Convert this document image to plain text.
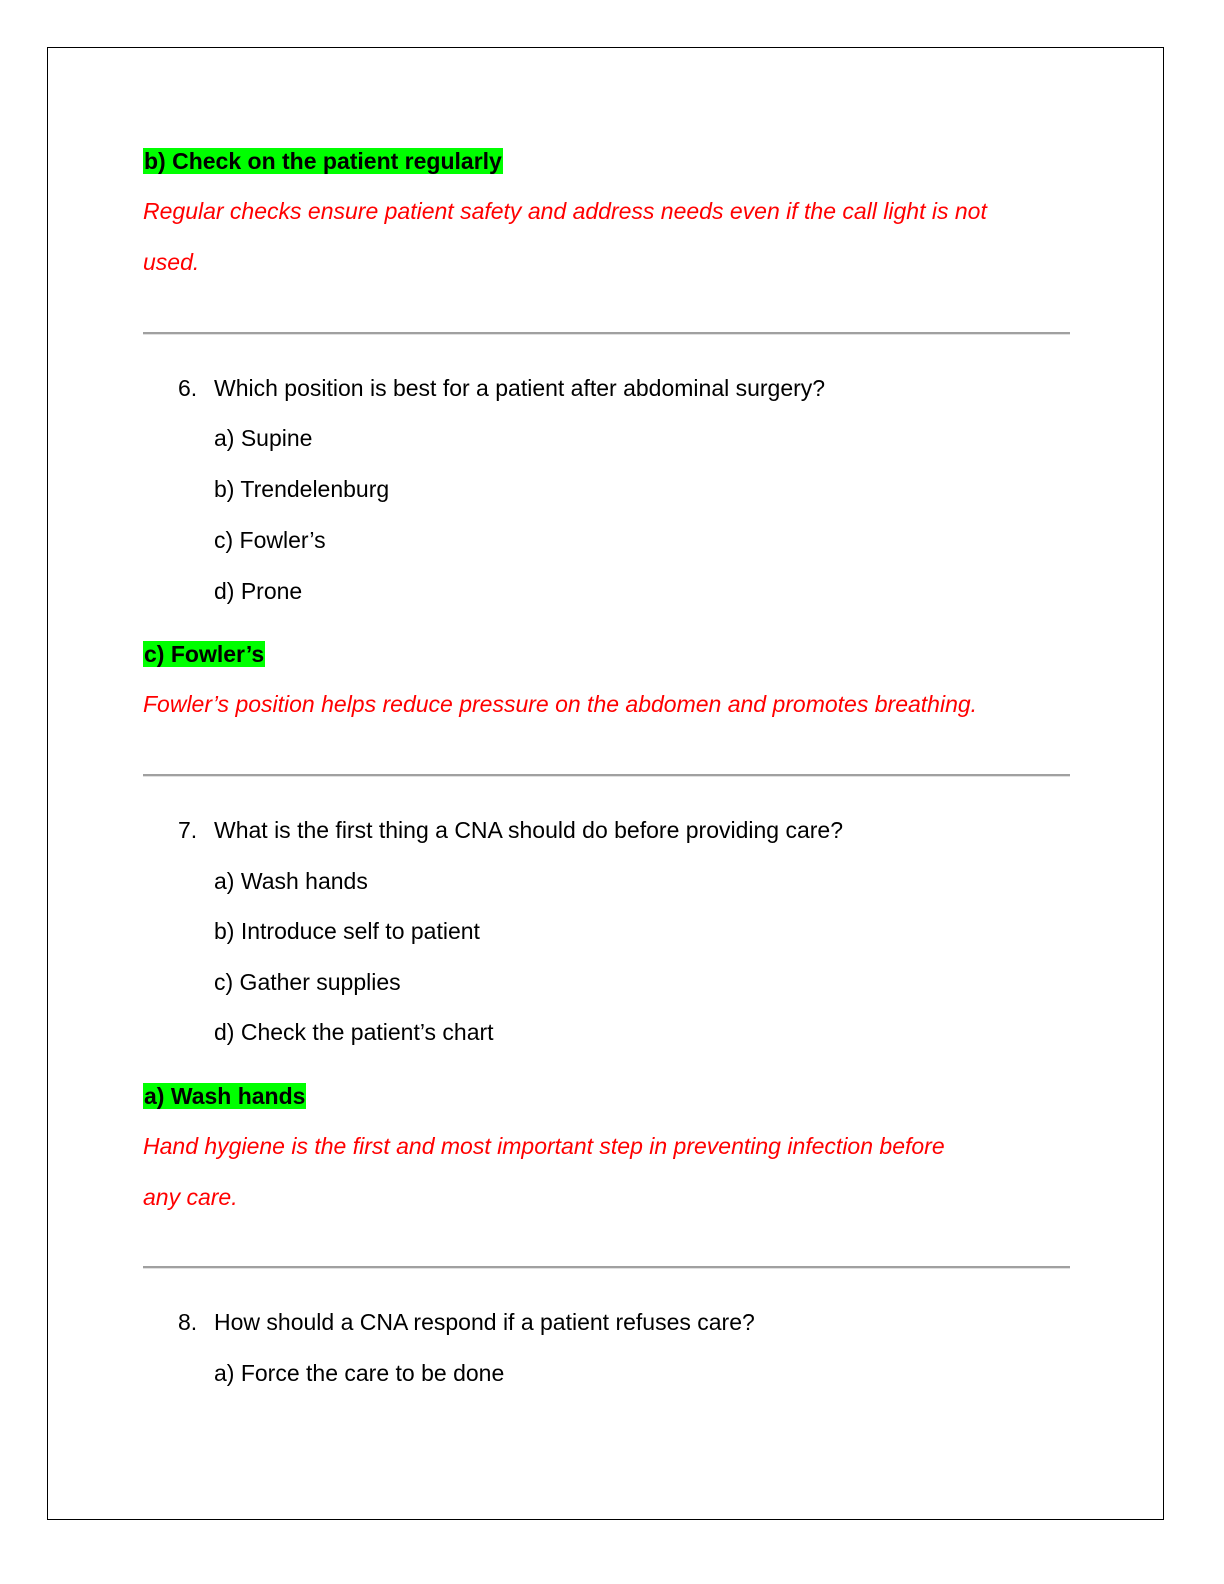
b) Check on the patient regularly
Regular checks ensure patient safety and address needs even if the call light is not
used.
6. Which position is best for a patient after abdominal surgery?
a) Supine
b) Trendelenburg
c) Fowler’s
d) Prone
c) Fowler’s
Fowler’s position helps reduce pressure on the abdomen and promotes breathing.
7. What is the first thing a CNA should do before providing care?
a) Wash hands
b) Introduce self to patient
c) Gather supplies
d) Check the patient’s chart
a) Wash hands
Hand hygiene is the first and most important step in preventing infection before
any care.
8. How should a CNA respond if a patient refuses care?
a) Force the care to be done
